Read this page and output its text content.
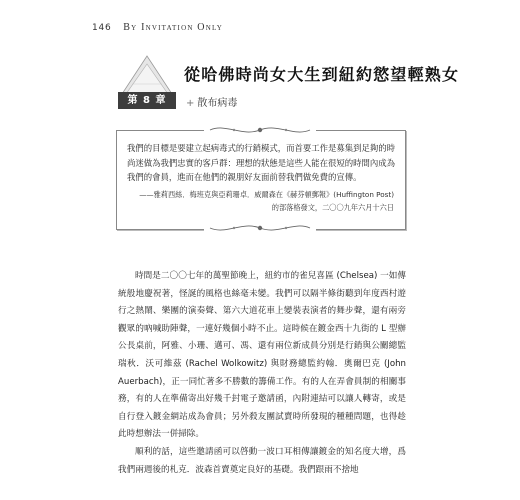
146 By Invitation Only
第 8 章
從哈佛時尚女大生到紐約慾望輕熟女
+ 散布病毒
我們的目標是要建立起病毒式的行銷模式，而首要工作是募集到足夠的時尚迷做為我們忠實的客戶群：理想的狀態是這些人能在很短的時間內成為我們的會員，進而在他們的親朋好友面前替我們做免費的宣傳。
——雅莉西絲．梅班克與亞莉珊卓．威爾森在《赫芬頓郵報》(Huffington Post)
的部落格發文，二〇〇九年六月十六日

時間是二〇〇七年的萬聖節晚上，紐約市的雀兒喜區 (Chelsea) 一如傳統般地慶祝著，怪誕的風格也絲毫未變。我們可以隔半條街聽到年度西村遊行之熱鬧、樂團的演奏聲、第六大道花車上變裝表演者的舞步聲，還有兩旁觀眾的吶喊助陣聲，一連好幾個小時不止。這時候在鍍金西十九街的 L 型辦公長桌前，阿雅、小珊、邁可、馮、還有兩位新成員分別是行銷與公關總監瑞秋．沃可維茲 (Rachel Wolkowitz) 與財務總監約翰．奧爾巴克 (John Auerbach)，正一同忙著多不勝數的籌備工作。有的人在弄會員制的相關事務，有的人在準備寄出好幾千封電子邀請函，內附連結可以讓人轉寄，或是自行登入鍍金網站成為會員；另外殺友團試賣時所發現的種種問題，也得趁此時想辦法一併掃除。

順利的話，這些邀請函可以啓動一波口耳相傳讓鍍金的知名度大增，爲我們兩週後的札克．波森首賣奠定良好的基礎。我們跟雨不捨地
